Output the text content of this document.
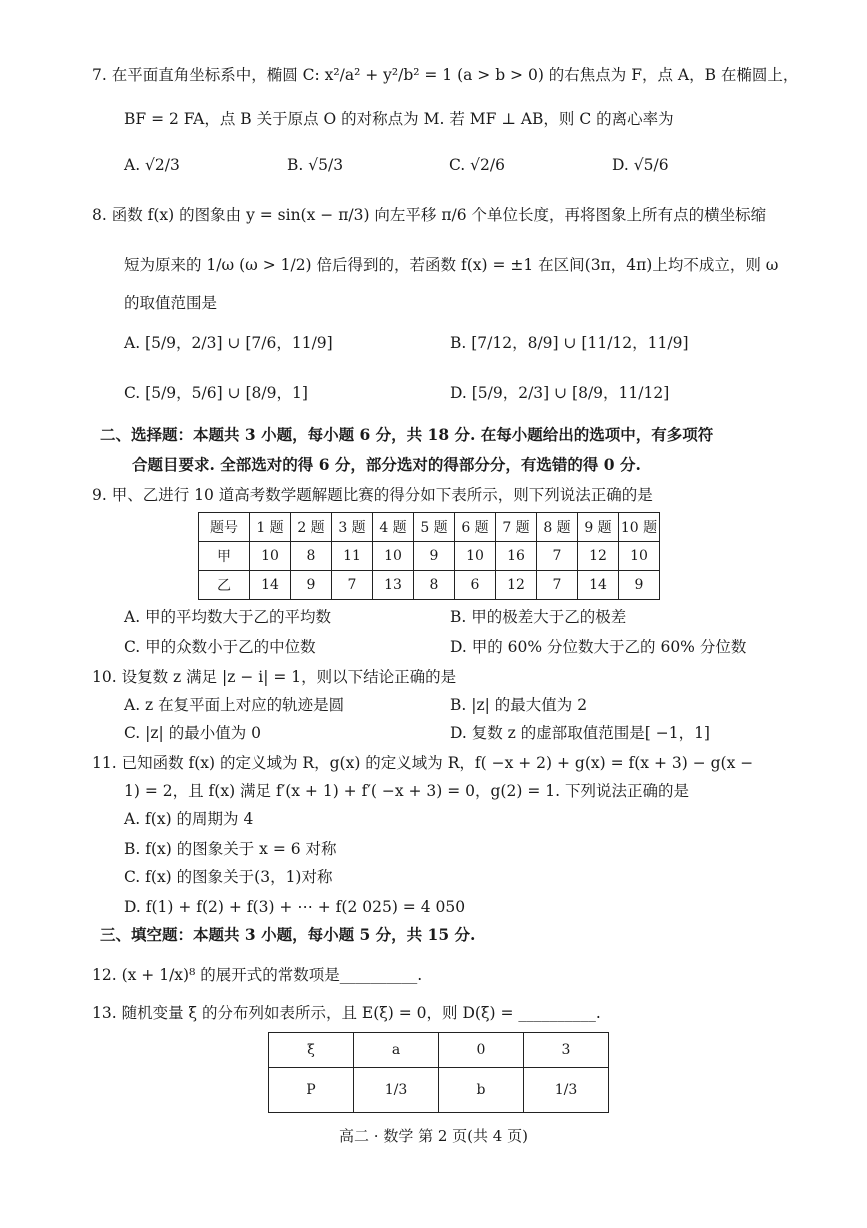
7. 在平面直角坐标系中，椭圆 C: x²/a² + y²/b² = 1 (a > b > 0) 的右焦点为 F，点 A，B 在椭圆上，
BF = 2 FA，点 B 关于原点 O 的对称点为 M. 若 MF ⊥ AB，则 C 的离心率为
A. √2/3	B. √5/3	C. √2/6	D. √5/6
8. 函数 f(x) 的图象由 y = sin(x − π/3) 向左平移 π/6 个单位长度，再将图象上所有点的横坐标缩
短为原来的 1/ω (ω > 1/2) 倍后得到的，若函数 f(x) = ±1 在区间(3π，4π)上均不成立，则 ω
的取值范围是
A. [5/9，2/3] ∪ [7/6，11/9]	B. [7/12，8/9] ∪ [11/12，11/9]
C. [5/9，5/6] ∪ [8/9，1]	D. [5/9，2/3] ∪ [8/9，11/12]
二、选择题：本题共 3 小题，每小题 6 分，共 18 分. 在每小题给出的选项中，有多项符
合题目要求. 全部选对的得 6 分，部分选对的得部分分，有选错的得 0 分.
9. 甲、乙进行 10 道高考数学题解题比赛的得分如下表所示，则下列说法正确的是
题号	1 题	2 题	3 题	4 题	5 题	6 题	7 题	8 题	9 题	10 题
甲	10	8	11	10	9	10	16	7	12	10
乙	14	9	7	13	8	6	12	7	14	9
A. 甲的平均数大于乙的平均数	B. 甲的极差大于乙的极差
C. 甲的众数小于乙的中位数	D. 甲的 60% 分位数大于乙的 60% 分位数
10. 设复数 z 满足 |z − i| = 1，则以下结论正确的是
A. z 在复平面上对应的轨迹是圆	B. |z| 的最大值为 2
C. |z| 的最小值为 0	D. 复数 z 的虚部取值范围是[ −1，1]
11. 已知函数 f(x) 的定义域为 R，g(x) 的定义域为 R，f( −x + 2) + g(x) = f(x + 3) − g(x −
1) = 2，且 f(x) 满足 f′(x + 1) + f′( −x + 3) = 0，g(2) = 1. 下列说法正确的是
A. f(x) 的周期为 4
B. f(x) 的图象关于 x = 6 对称
C. f(x) 的图象关于(3，1)对称
D. f(1) + f(2) + f(3) + ⋯ + f(2 025) = 4 050
三、填空题：本题共 3 小题，每小题 5 分，共 15 分.
12. (x + 1/x)⁸ 的展开式的常数项是__________.
13. 随机变量 ξ 的分布列如表所示，且 E(ξ) = 0，则 D(ξ) = __________.
ξ	a	0	3
P	1/3	b	1/3
高二 · 数学 第 2 页(共 4 页)
